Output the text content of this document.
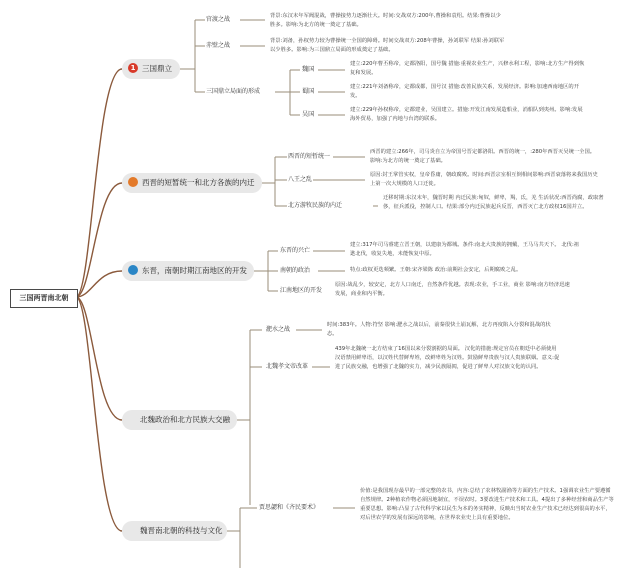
三国两晋南北朝
1 三国鼎立
官渡之战	背景:东汉末年军阀混战，曹操接势力逐渐壮大。时间:交战双方:200年,曹操和袁绍。结果:曹操以少胜多。影响:为北方的统一奠定了基础。
赤壁之战
背景:刘备，孙权势力较为曹操统一全国的障碍。时间交战双方:208年曹操，孙刘联军 结果:孙刘联军以少胜多。影响:为三国鼎立局面的形成奠定了基础。
三国鼎立局面的形成
魏国
建立:220年曹丕称帝，定都洛阳，国号魏 措施:重视农业生产，兴修水利工程，影响:北方生产得到恢复和发展。
蜀国
建立:221年刘备称帝，定都成都，国号汉 措施:改善民族关系，发展经济。影响:加速西南地区的开发。
吴国
建立:229年孙权称帝，定都建业，吴国建立。措施:开发江南发展造船业，消船队到夷州。影响:发展海外贸易，加强了内地与台湾的联系。
西晋的短暂统一和北方各族的内迁
西晋的短暂统一
西晋的建立:266年，司马炎自立为帝国号晋定都洛阳。西晋的统一，:280年西晋灭吴统一全国。影响:为北方的统一奠定了基础。
八王之乱
原因:封王掌管实权，皇帝昏庸，朝政腐败。时间:西晋宗室相互倒相间影响:西晋衰落将来我国历史上第一次大规模的人口迁徙。
北方游牧民族的内迁
迁移时期:东汉末年，魏晋时期 内迁民族:匈奴，鲜卑，羯，氐，羌 生活状况:西晋尚腐，政取奢侈，征兵派役，控制人口。结果:部分内迁民族起兵反晋，西晋灭亡北方政权16国并立。
东晋，南朝时期江南地区的开发
东晋的兴亡
建立:317年司马睿建立晋王朝，以建康为都城。条件:南北大贵族的拥戴，王马马共天下。 北伐:祖逖北伐，收复失地，未能恢复中原。
南朝的政治	特点:政权更迭频繁。王朝:宋齐梁陈 政治:前期社会安定，后期腐败之乱。
江南地区的开发
原因:战乱少，较安定，北方人口南迁，自然条件优越。表现:农业，手工业，商业 影响:南方经济迅速发展，商业和内平衡。
北魏政治和北方民族大交融
淝水之战
时间:383年。人物:符坚 影响:淝水之战以后，前秦很快土崩瓦解，北方再度陷入分裂和混战的状态。
北魏孝文帝改革
439年北魏统一北方结束了16国以来分裂割据的局面。 汉化的措施:规定官员在朝廷中必须使用汉语禁用鲜卑语，以汉姓代替鲜卑姓，改鲜卑姓为汉姓。鼓励鲜卑贵族与汉人贵族联姻。意义:促进了民族交融，也增强了北魏的实力，减少民族隔阂，促进了鲜卑人对汉族文化的认同。
魏晋南北朝的科技与文化
贾思勰和《齐民要术》
价值:是我国现存最早的一部完整的农书，内容:总结了农林牧副渔等方面的生产技术。1强调农业生产要遵循自然规律。2种植农作物必须因地制宜，不误农时。3要改进生产技术和工具。4提出了多种经营和商品生产等重要思想。影响:凸显了古代科学家以民生为本的务实精神，反映出当时农业生产技术已经达到很高的水平，对后世农学的发展有深远的影响，在世界农业史上具有重要地位。
